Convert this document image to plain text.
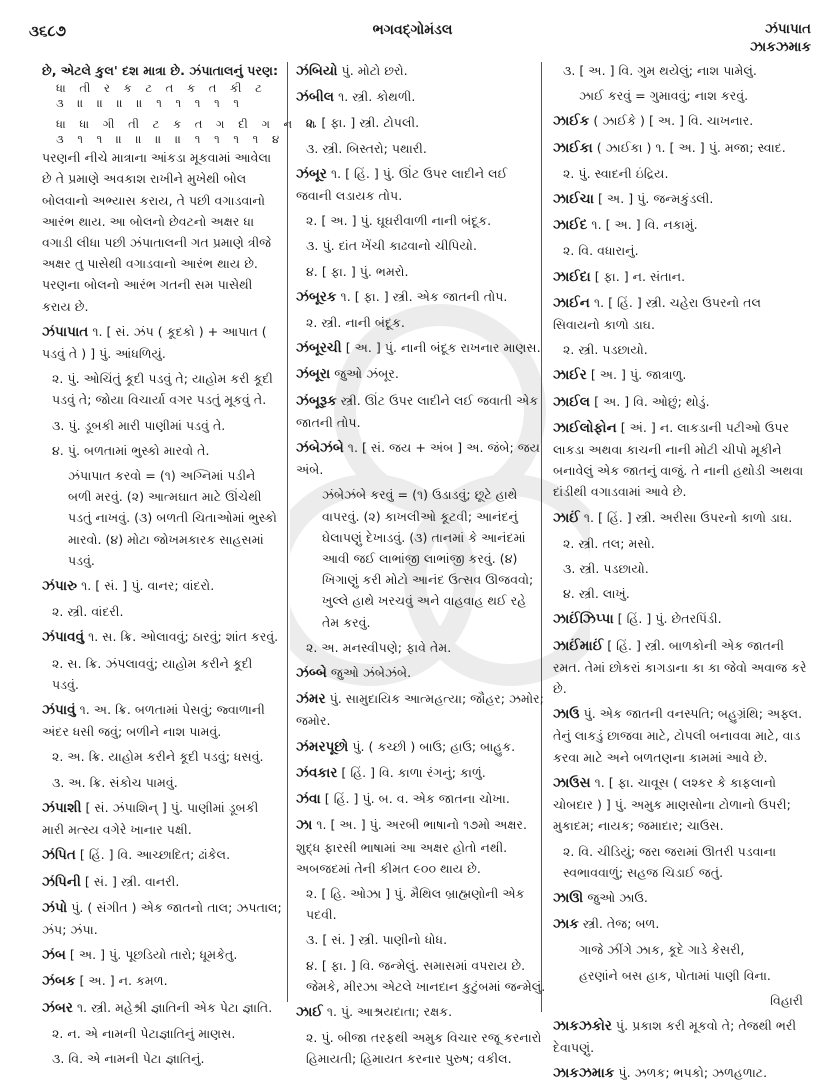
૩૬૮૭	ભગવદ્ગોમંડલ	ઝંપાપાત
ઝાકઝમાક

છે, એટલે કુલ' દશ માત્રા છે. ઝંપાતાલનું પરણ:

ધા તી ર ક ટ ત ક ત કી ટ
૩ ॥ ॥ ॥ ॥ ૧ ૧ ૧ ૧ ૧
ધા ધા ગી તી ટ ક ત ગ દી ગ ન ધા
૩ ૧ ૧ ॥ ॥ ॥ ॥ ૧ ૧ ૧ ૧ ૪

પરણની નીચે માત્રાના આંકડા મૂકવામાં આવેલા છે તે પ્રમાણે અવકાશ રાખીને મુખેથી બોલ બોલવાનો અભ્યાસ કરાય, તે પછી વગાડવાનો આરંભ થાય. આ બોલનો છેવટનો અક્ષર ધા વગાડી લીધા પછી ઝંપાતાલની ગત પ્રમાણે ત્રીજે અક્ષર તુ પાસેથી વગાડવાનો આરંભ થાય છે. પરણના બોલનો આરંભ ગતની સમ પાસેથી કરાય છે.

ઝંપાપાત ૧. [ સં. ઝંપ ( કૂદકો ) + આપાત ( પડવું તે ) ] પું. આંધળિયું.

૨. પું. ઓચિંતું કૂદી પડવું તે; યાહોમ કરી કૂદી પડવું તે; જોયા વિચાર્યા વગર પડતું મૂકવું તે.

૩. પું. ડૂબકી મારી પાણીમાં પડવું તે.

૪. પું. બળતામાં ભુસ્કો મારવો તે.

ઝંપાપાત કરવો = (૧) અગ્નિમાં પડીને બળી મરવું. (૨) આત્મઘાત માટે ઊંચેથી પડતું નાખવું. (૩) બળતી ચિતાઓમાં ભુસ્કો મારવો. (૪) મોટા જોખમકારક સાહસમાં પડવું.

ઝંપારુ ૧. [ સં. ] પું. વાનર; વાંદરો.

૨. સ્ત્રી. વાંદરી.

ઝંપાવવું ૧. સ. ક્રિ. ઓલાવવું; ઠારવું; શાંત કરવું.

૨. સ. ક્રિ. ઝંપલાવવું; યાહોમ કરીને કૂદી પડવું.

ઝંપાવું ૧. અ. ક્રિ. બળતામાં પેસવું; જ્વાળાની અંદર ધસી જવું; બળીને નાશ પામવું.

૨. અ. ક્રિ. યાહોમ કરીને કૂદી પડવું; ધસવું.

૩. અ. ક્રિ. સંકોચ પામવું.

ઝંપાશી [ સં. ઝંપાશિન્ ] પું. પાણીમાં ડૂબકી મારી મત્સ્ય વગેરે ખાનાર પક્ષી.

ઝંપિત [ હિં. ] વિ. આચ્છાદિત; ઢાંકેલ.

ઝંપિની [ સં. ] સ્ત્રી. વાનરી.

ઝંપો પું. ( સંગીત ) એક જાતનો તાલ; ઝપતાલ; ઝંપ; ઝંપા.

ઝંબ [ અ. ] પું. પૂછડિયો તારો; ધૂમકેતુ.

ઝંબક [ અ. ] ન. કમળ.

ઝંબર ૧. સ્ત્રી. મહેશ્રી જ્ઞાતિની એક પેટા જ્ઞાતિ.

૨. ન. એ નામની પેટાજ્ઞાતિનું માણસ.

૩. વિ. એ નામની પેટા જ્ઞાતિનું.

ઝંબિયો પું. મોટો છરો.

ઝંબીલ ૧. સ્ત્રી. કોથળી.

૨. [ ફા. ] સ્ત્રી. ટોપલી.

૩. સ્ત્રી. બિસ્તરો; પથારી.

ઝંબૂર ૧. [ હિં. ] પું. ઊંટ ઉપર લાદીને લઈ જવાની લડાયક તોપ.

૨. [ અ. ] પું. ઘૂઘરીવાળી નાની બંદૂક.

૩. પું. દાંત ખેંચી કાઢવાનો ચીપિયો.

૪. [ ફા. ] પું. ભમરો.

ઝંબૂરક ૧. [ ફા. ] સ્ત્રી. એક જાતની તોપ.

૨. સ્ત્રી. નાની બંદૂક.

ઝંબૂરચી [ અ. ] પું. નાની બંદૂક રાખનાર માણસ.

ઝંબૂરા જુઓ ઝંબૂર.

ઝંબૂરૂક સ્ત્રી. ઊંટ ઉપર લાદીને લઈ જવાતી એક જાતની તોપ.

ઝંબેઝંબે ૧. [ સં. જય + અંબ ] અ. જંબે; જય અંબે.

ઝંબેઝંબે કરવું = (૧) ઉડાડવું; છૂટે હાથે વાપરવું. (૨) કાખલીઓ કૂટવી; આનંદનું ઘેલાપણું દેખાડવું. (૩) તાનમાં કે આનંદમાં આવી જઈ લાભાંજી લાભાંજી કરવું. (૪) ખિગાણું કરી મોટો આનંદ ઉત્સવ ઊજવવો; ખુલ્લે હાથે ખરચવું અને વાહવાહ થઈ રહે તેમ કરવું.

૨. અ. મનસ્વીપણે; ફાવે તેમ.

ઝંબ્બે જુઓ ઝંબેઝંબે.

ઝંમર પું. સામુદાયિક આત્મહત્યા; જૌહર; ઝમોર; જમોર.

ઝંમરપૂછો પું. ( કચ્છી ) બાઉ; હાઉ; બાહુક.

ઝંવકાર [ હિં. ] વિ. કાળા રંગનું; કાળું.

ઝંવા [ હિં. ] પું. બ. વ. એક જાતના ચોખા.

ઝા ૧. [ અ. ] પું. અરબી ભાષાનો ૧૭મો અક્ષર. શુદ્ધ ફારસી ભાષામાં આ અક્ષર હોતો નથી. અબજદમાં તેની કીમત ૯૦૦ થાય છે.

૨. [ હિ. ઓઝા ] પું. મૈથિલ બ્રાહ્મણોની એક પદવી.

૩. [ સં. ] સ્ત્રી. પાણીનો ધોધ.

૪. [ ફા. ] વિ. જન્મેલું. સમાસમાં વપરાય છે. જેમકે, મીરઝા એટલે ખાનદાન કુટુંબમાં જન્મેલું.

ઝાઈ ૧. પું. આશ્રયદાતા; રક્ષક.

૨. પું. બીજા તરફથી અમુક વિચાર રજૂ કરનારો હિમાયતી; હિમાયત કરનાર પુરુષ; વકીલ.

૩. [ અ. ] વિ. ગુમ થયેલું; નાશ પામેલું.

ઝાઈ કરવું = ગુમાવવું; નાશ કરવું.

ઝાઈક ( ઝાઈકે ) [ અ. ] વિ. ચાખનાર.

ઝાઈકા ( ઝાઈકા ) ૧. [ અ. ] પું. મજા; સ્વાદ.

૨. પું. સ્વાદની ઇંદ્રિય.

ઝાઈચા [ અ. ] પું. જન્મકુંડલી.

ઝાઈદ ૧. [ અ. ] વિ. નકામું.

૨. વિ. વધારાનું.

ઝાઈદા [ ફા. ] ન. સંતાન.

ઝાઈન ૧. [ હિં. ] સ્ત્રી. ચહેરા ઉપરનો તલ સિવાયનો કાળો ડાઘ.

૨. સ્ત્રી. પડછાયો.

ઝાઈર [ અ. ] પું. જાત્રાળુ.

ઝાઈલ [ અ. ] વિ. ઓછું; થોડું.

ઝાઈલોફોન [ અં. ] ન. લાકડાની પટીઓ ઉપર લાકડા અથવા કાચની નાની મોટી ચીપો મૂકીને બનાવેલું એક જાતનું વાજું. તે નાની હથોડી અથવા દાંડીથી વગાડવામાં આવે છે.

ઝાઈં ૧. [ હિં. ] સ્ત્રી. અરીસા ઉપરનો કાળો ડાઘ.

૨. સ્ત્રી. તલ; મસો.

૩. સ્ત્રી. પડછાયો.

૪. સ્ત્રી. લાખું.

ઝાઈંઝિપ્પા [ હિં. ] પું. છેતરપિંડી.

ઝાઈંમાઈં [ હિં. ] સ્ત્રી. બાળકોની એક જાતની રમત. તેમાં છોકરાં કાગડાના કા કા જેવો અવાજ કરે છે.

ઝાઉ પું. એક જાતની વનસ્પતિ; બહુગ્રંથિ; અફ્લ. તેનું લાકડું છાજવા માટે, ટોપલી બનાવવા માટે, વાડ કરવા માટે અને બળતણના કામમાં આવે છે.

ઝાઉસ ૧. [ ફા. ચાવૂસ ( લશ્કર કે કાફલાનો ચોબદાર ) ] પું. અમુક માણસોના ટોળાનો ઉપરી; મુકાદમ; નાયક; જમાદાર; ચાઉસ.

૨. વિ. ચીડિયું; જરા જરામાં ઊતરી પડવાના સ્વભાવવાળું; સહજ ચિડાઈ જતું.

ઝાઊ જુઓ ઝાઉ.

ઝાક સ્ત્રી. તેજ; બળ.

ગાજે ઝીંગે ઝાક, કૂદે ગાડે કેસરી,

હરણાંને બસ હાક, પોતામાં પાણી વિના.

વિહારી

ઝાકઝકોર પું. પ્રકાશ કરી મૂકવો તે; તેજથી ભરી દેવાપણું.

ઝાકઝમાક પું. ઝળક; ભપકો; ઝળહળાટ.
